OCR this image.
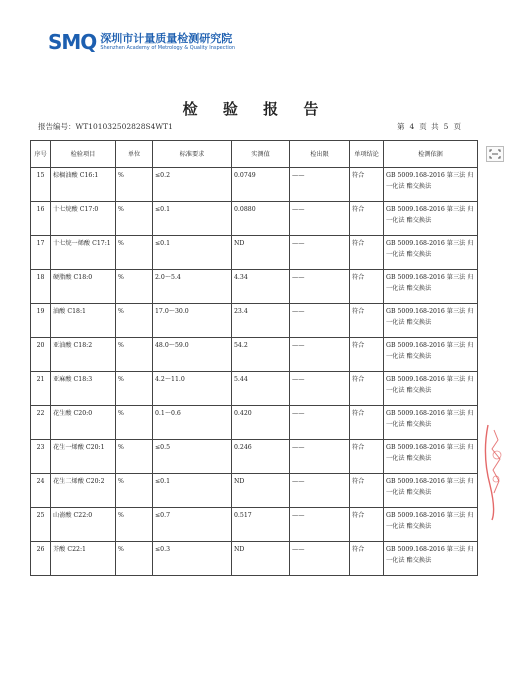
SMQ 深圳市计量质量检测研究院
Shenzhen Academy of Metrology & Quality Inspection
检 验 报 告
报告编号：WT101032502828S4WT1	第 4 页 共 5 页
序号	检验项目	单位	标准要求	实测值	检出限	单项结论	检测依据
15	棕榈油酸 C16:1	%	≤0.2	0.0749	——	符合	GB 5009.168-2016 第三法 归一化法 酯交换法
16	十七烷酸 C17:0	%	≤0.1	0.0880	——	符合	GB 5009.168-2016 第三法 归一化法 酯交换法
17	十七烷一烯酸 C17:1	%	≤0.1	ND	——	符合	GB 5009.168-2016 第三法 归一化法 酯交换法
18	硬脂酸 C18:0	%	2.0～5.4	4.34	——	符合	GB 5009.168-2016 第三法 归一化法 酯交换法
19	油酸 C18:1	%	17.0～30.0	23.4	——	符合	GB 5009.168-2016 第三法 归一化法 酯交换法
20	亚油酸 C18:2	%	48.0～59.0	54.2	——	符合	GB 5009.168-2016 第三法 归一化法 酯交换法
21	亚麻酸 C18:3	%	4.2～11.0	5.44	——	符合	GB 5009.168-2016 第三法 归一化法 酯交换法
22	花生酸 C20:0	%	0.1～0.6	0.420	——	符合	GB 5009.168-2016 第三法 归一化法 酯交换法
23	花生一烯酸 C20:1	%	≤0.5	0.246	——	符合	GB 5009.168-2016 第三法 归一化法 酯交换法
24	花生二烯酸 C20:2	%	≤0.1	ND	——	符合	GB 5009.168-2016 第三法 归一化法 酯交换法
25	山嵛酸 C22:0	%	≤0.7	0.517	——	符合	GB 5009.168-2016 第三法 归一化法 酯交换法
26	芥酸 C22:1	%	≤0.3	ND	——	符合	GB 5009.168-2016 第三法 归一化法 酯交换法
